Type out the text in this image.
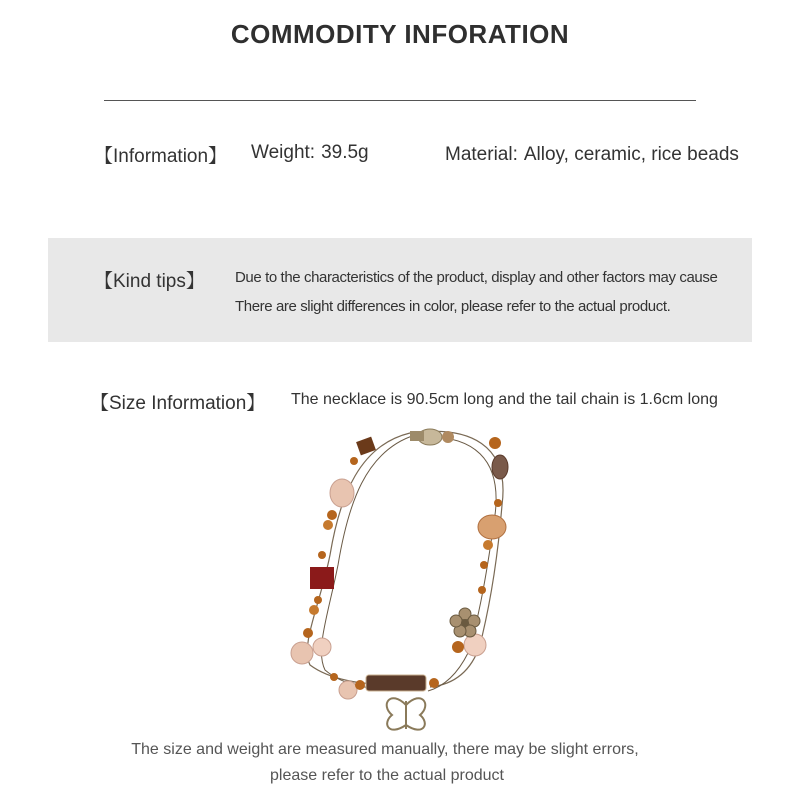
COMMODITY INFORATION
【Information】 Weight: 39.5g	Material: Alloy, ceramic, rice beads
【Kind tips】 Due to the characteristics of the product, display and other factors may cause
There are slight differences in color, please refer to the actual product.
【Size Information】 The necklace is 90.5cm long and the tail chain is 1.6cm long
The size and weight are measured manually, there may be slight errors,
please refer to the actual product
